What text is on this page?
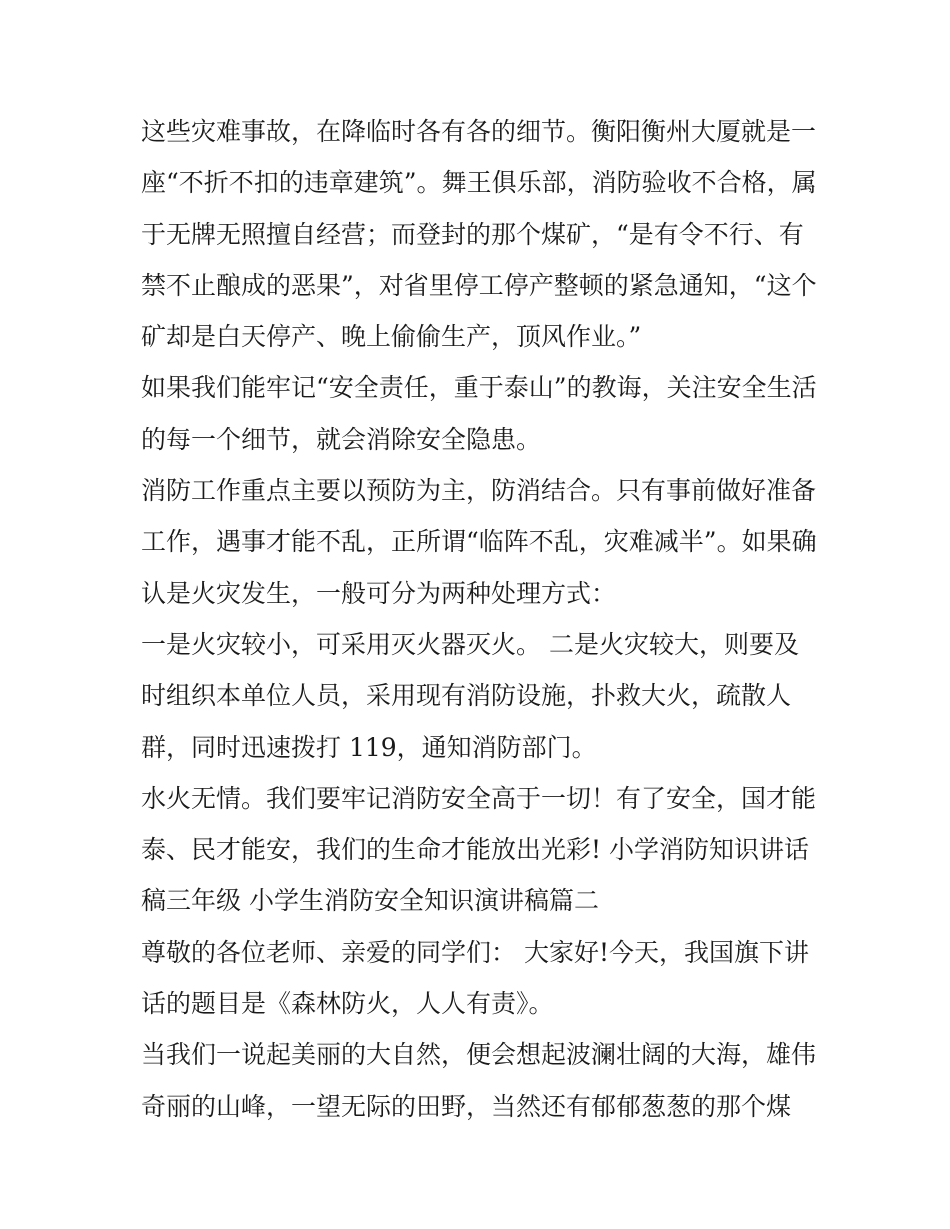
这些灾难事故，在降临时各有各的细节。衡阳衡州大厦就是一
座“不折不扣的违章建筑”。舞王俱乐部，消防验收不合格，属
于无牌无照擅自经营；而登封的那个煤矿，“是有令不行、有
禁不止酿成的恶果”，对省里停工停产整顿的紧急通知，“这个
矿却是白天停产、晚上偷偷生产，顶风作业。”
如果我们能牢记“安全责任，重于泰山”的教诲，关注安全生活
的每一个细节，就会消除安全隐患。
消防工作重点主要以预防为主，防消结合。只有事前做好准备
工作，遇事才能不乱，正所谓“临阵不乱，灾难减半”。如果确
认是火灾发生，一般可分为两种处理方式：
一是火灾较小，可采用灭火器灭火。 二是火灾较大，则要及
时组织本单位人员，采用现有消防设施，扑救大火，疏散人
群，同时迅速拨打 119，通知消防部门。
水火无情。我们要牢记消防安全高于一切！有了安全，国才能
泰、民才能安，我们的生命才能放出光彩! 小学消防知识讲话
稿三年级 小学生消防安全知识演讲稿篇二
尊敬的各位老师、亲爱的同学们： 大家好!今天，我国旗下讲
话的题目是《森林防火，人人有责》。
当我们一说起美丽的大自然，便会想起波澜壮阔的大海，雄伟
奇丽的山峰，一望无际的田野，当然还有郁郁葱葱的那个煤
